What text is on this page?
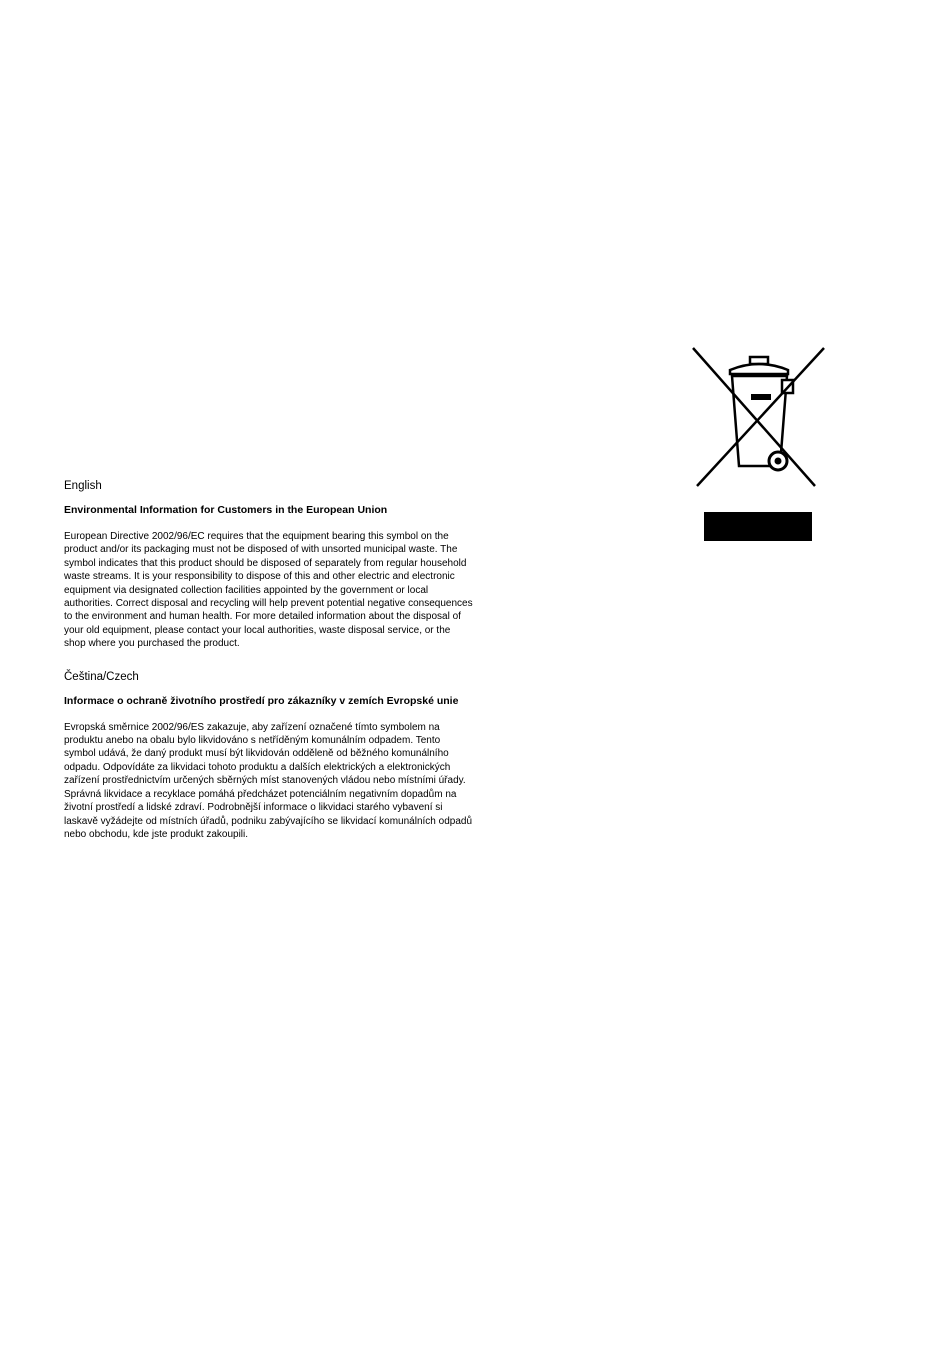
English
Environmental Information for Customers in the European Union

European Directive 2002/96/EC requires that the equipment bearing this symbol on the product and/or its packaging must not be disposed of with unsorted municipal waste. The symbol indicates that this product should be disposed of separately from regular household waste streams. It is your responsibility to dispose of this and other electric and electronic equipment via designated collection facilities appointed by the government or local authorities. Correct disposal and recycling will help prevent potential negative consequences to the environment and human health. For more detailed information about the disposal of your old equipment, please contact your local authorities, waste disposal service, or the shop where you purchased the product.

Čeština/Czech
Informace o ochraně životního prostředí pro zákazníky v zemích Evropské unie

Evropská směrnice 2002/96/ES zakazuje, aby zařízení označené tímto symbolem na produktu anebo na obalu bylo likvidováno s netříděným komunálním odpadem. Tento symbol udává, že daný produkt musí být likvidován odděleně od běžného komunálního odpadu. Odpovídáte za likvidaci tohoto produktu a dalších elektrických a elektronických zařízení prostřednictvím určených sběrných míst stanovených vládou nebo místními úřady. Správná likvidace a recyklace pomáhá předcházet potenciálním negativním dopadům na životní prostředí a lidské zdraví. Podrobnější informace o likvidaci starého vybavení si laskavě vyžádejte od místních úřadů, podniku zabývajícího se likvidací komunálních odpadů nebo obchodu, kde jste produkt zakoupili.
